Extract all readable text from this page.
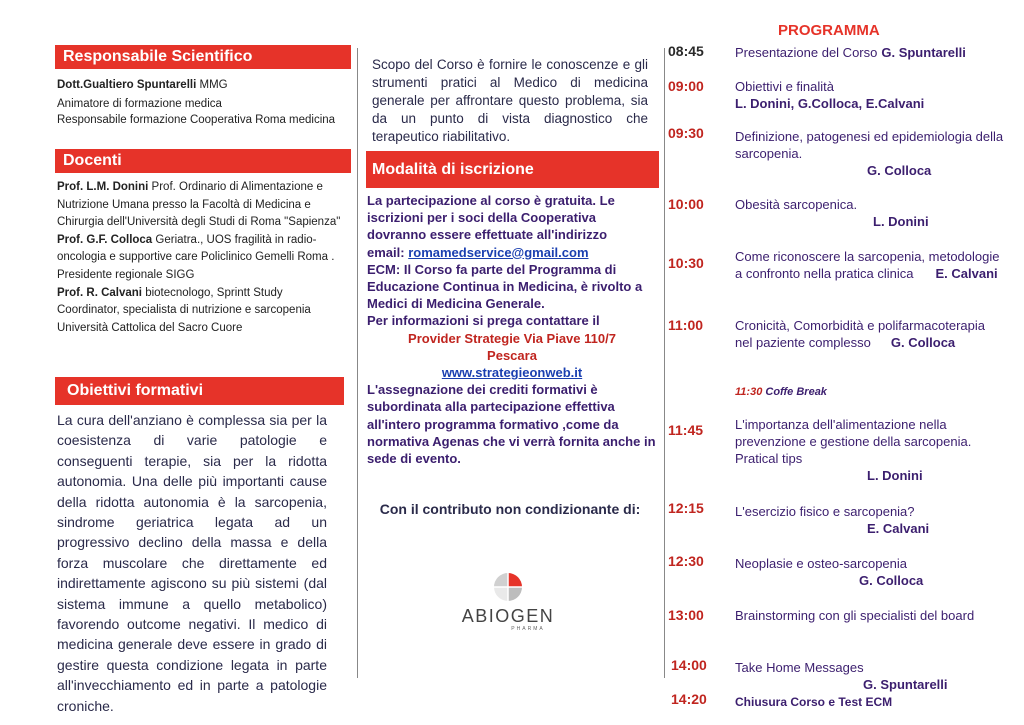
Responsabile Scientifico
Dott.Gualtiero Spuntarelli MMG
Animatore di formazione medica
Responsabile formazione Cooperativa Roma medicina
Docenti
Prof. L.M. Donini Prof. Ordinario di Alimentazione e Nutrizione Umana presso la Facoltà di Medicina e Chirurgia dell'Università degli Studi di Roma "Sapienza"
Prof. G.F. Colloca Geriatra., UOS fragilità in radio-oncologia e supportive care Policlinico Gemelli Roma . Presidente regionale SIGG
Prof. R. Calvani biotecnologo, Sprintt Study Coordinator, specialista di nutrizione e sarcopenia Università Cattolica del Sacro Cuore
Obiettivi formativi
La cura dell'anziano è complessa sia per la coesistenza di varie patologie e conseguenti terapie, sia per la ridotta autonomia. Una delle più importanti cause della ridotta autonomia è la sarcopenia, sindrome geriatrica legata ad un progressivo declino della massa e della forza muscolare che direttamente ed indirettamente agiscono su più sistemi (dal sistema immune a quello metabolico) favorendo outcome negativi. Il medico di medicina generale deve essere in grado di gestire questa condizione legata in parte all'invecchiamento ed in parte a patologie croniche.
Scopo del Corso è fornire le conoscenze e gli strumenti pratici al Medico di medicina generale per affrontare questo problema, sia da un punto di vista diagnostico che terapeutico riabilitativo.
Modalità di iscrizione
La partecipazione al corso è gratuita. Le iscrizioni per i soci della Cooperativa dovranno essere effettuate all'indirizzo
email: romamedservice@gmail.com
ECM: Il Corso fa parte del Programma di Educazione Continua in Medicina, è rivolto a Medici di Medicina Generale.
Per informazioni si prega contattare il
Provider Strategie Via Piave 110/7
Pescara
www.strategieonweb.it
L'assegnazione dei crediti formativi è subordinata alla partecipazione effettiva all'intero programma formativo ,come da normativa Agenas che vi verrà fornita anche in sede di evento.
Con il contributo non condizionante di:
ABIOGEN
PHARMA
PROGRAMMA
08:45 Presentazione del Corso G. Spuntarelli
09:00 Obiettivi e finalità
L. Donini, G.Colloca, E.Calvani
09:30 Definizione, patogenesi ed epidemiologia della sarcopenia.
G. Colloca
10:00 Obesità sarcopenica.
L. Donini
10:30 Come riconoscere la sarcopenia, metodologie a confronto nella pratica clinica E. Calvani
11:00 Cronicità, Comorbidità e polifarmacoterapia nel paziente complesso G. Colloca
11:30 Coffe Break
11:45 L'importanza dell'alimentazione nella prevenzione e gestione della sarcopenia. Pratical tips
L. Donini
12:15 L'esercizio fisico e sarcopenia?
E. Calvani
12:30 Neoplasie e osteo-sarcopenia
G. Colloca
13:00 Brainstorming con gli specialisti del board
14:00 Take Home Messages
G. Spuntarelli
14:20 Chiusura Corso e Test ECM
